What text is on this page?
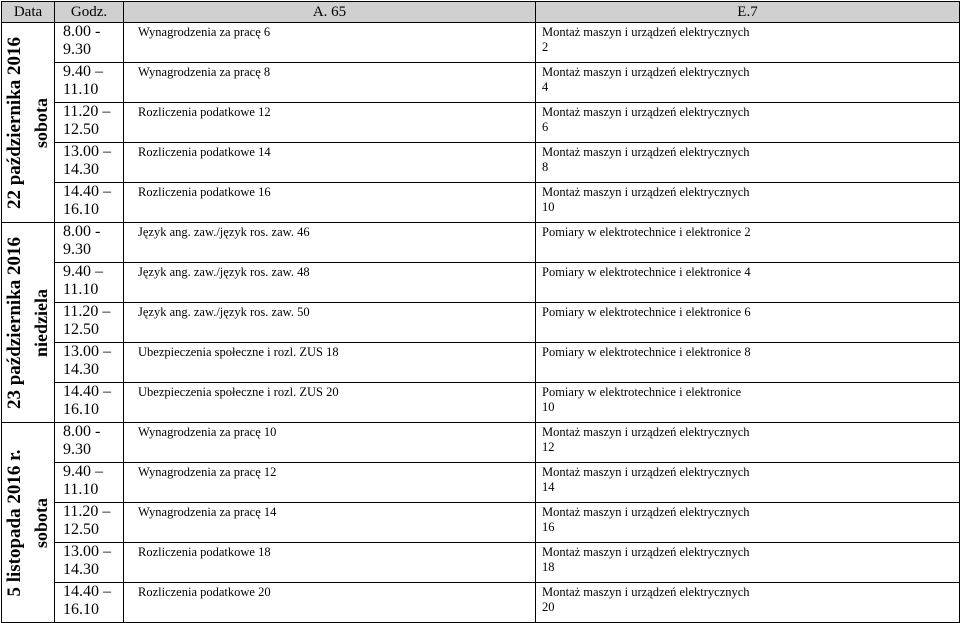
Data	Godz.	A. 65	E.7

22 października 2016 sobota	8.00 -
9.30	Wynagrodzenia za pracę 6	Montaż maszyn i urządzeń elektrycznych
2

	9.40 –
11.10	Wynagrodzenia za pracę 8	Montaż maszyn i urządzeń elektrycznych
4

	11.20 –
12.50	Rozliczenia podatkowe 12	Montaż maszyn i urządzeń elektrycznych
6

	13.00 –
14.30	Rozliczenia podatkowe 14	Montaż maszyn i urządzeń elektrycznych
8

	14.40 –
16.10	Rozliczenia podatkowe 16	Montaż maszyn i urządzeń elektrycznych
10

23 października 2016 niedziela	8.00 -
9.30	Język ang. zaw./język ros. zaw. 46	Pomiary w elektrotechnice i elektronice 2

	9.40 –
11.10	Język ang. zaw./język ros. zaw. 48	Pomiary w elektrotechnice i elektronice 4

	11.20 –
12.50	Język ang. zaw./język ros. zaw. 50	Pomiary w elektrotechnice i elektronice 6

	13.00 –
14.30	Ubezpieczenia społeczne i rozl. ZUS 18	Pomiary w elektrotechnice i elektronice 8

	14.40 –
16.10	Ubezpieczenia społeczne i rozl. ZUS 20	Pomiary w elektrotechnice i elektronice
10

5 listopada 2016 r. sobota	8.00 -
9.30	Wynagrodzenia za pracę 10	Montaż maszyn i urządzeń elektrycznych
12

	9.40 –
11.10	Wynagrodzenia za pracę 12	Montaż maszyn i urządzeń elektrycznych
14

	11.20 –
12.50	Wynagrodzenia za pracę 14	Montaż maszyn i urządzeń elektrycznych
16

	13.00 –
14.30	Rozliczenia podatkowe 18	Montaż maszyn i urządzeń elektrycznych
18

	14.40 –
16.10	Rozliczenia podatkowe 20	Montaż maszyn i urządzeń elektrycznych
20
